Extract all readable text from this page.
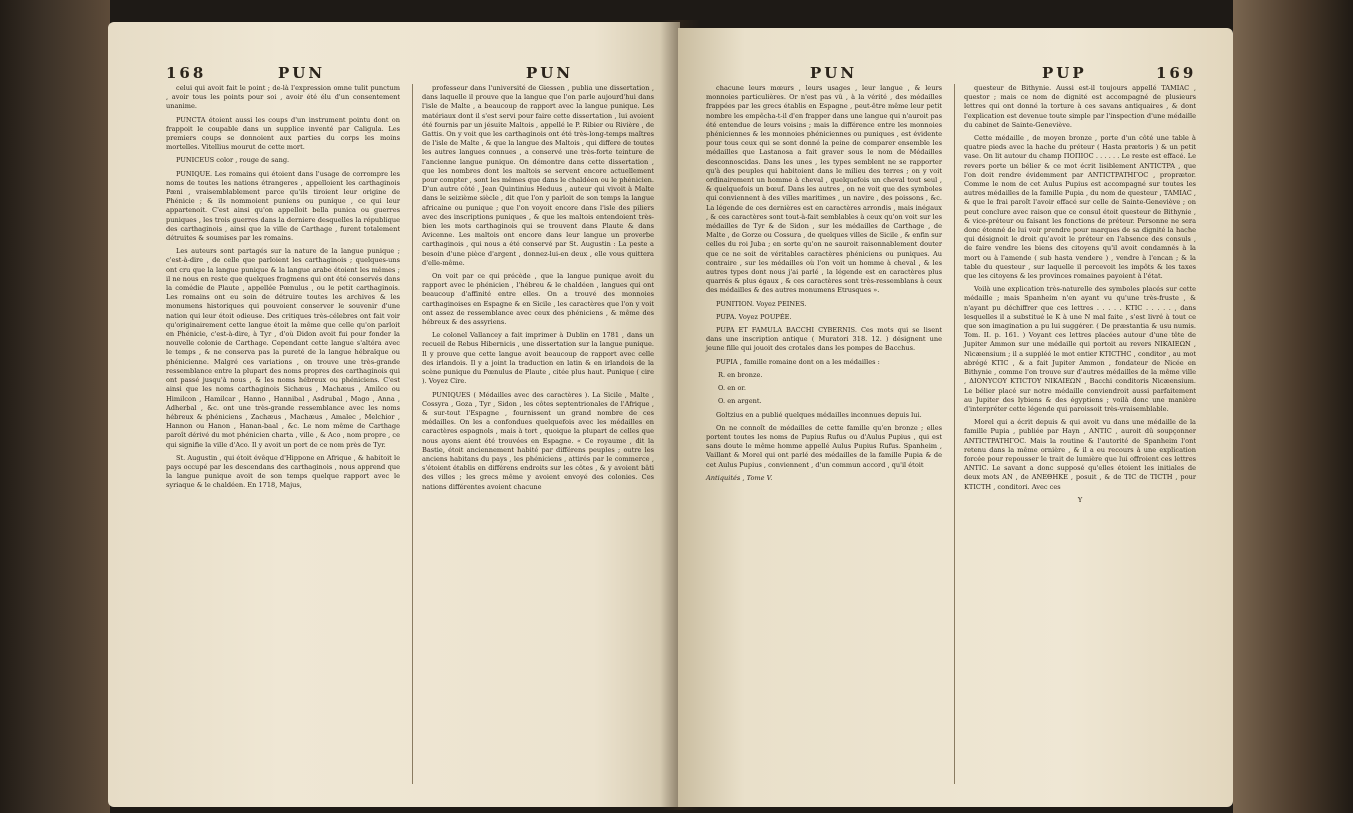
168	PUN	PUN

celui qui avoit fait le point ; de-là l'expression omne tulit punctum , avoir tous les points pour soi , avoir été élu d'un consentement unanime.

PUNCTA étoient aussi les coups d'un instrument pointu dont on frappoit le coupable dans un supplice inventé par Caligula. Les premiers coups se donnoient aux parties du corps les moins mortelles. Vitellius mourut de cette mort.

PUNICEUS color , rouge de sang.

PUNIQUE. Les romains qui étoient dans l'usage de corrompre les noms de toutes les nations étrangeres , appelloient les carthaginois Pæni , vraisemblablement parce qu'ils tiroient leur origine de Phénicie ; & ils nommoient puniens ou punique , ce qui leur appartenoit. C'est ainsi qu'on appelloit bella punica ou guerres puniques , les trois guerres dans la derniere desquelles la république des carthaginois , ainsi que la ville de Carthage , furent totalement détruites & soumises par les romains.

Les auteurs sont partagés sur la nature de la langue punique ; c'est-à-dire , de celle que parloient les carthaginois ; quelques-uns ont cru que la langue punique & la langue arabe étoient les mêmes ; il ne nous en reste que quelques fragmens qui ont été conservés dans la comédie de Plaute , appellée Pœnulus , ou le petit carthaginois. Les romains ont eu soin de détruire toutes les archives & les monumens historiques qui pouvoient conserver le souvenir d'une nation qui leur étoit odieuse. Des critiques très-célebres ont fait voir qu'originairement cette langue étoit la même que celle qu'on parloit en Phénicie, c'est-à-dire, à Tyr , d'où Didon avoit fui pour fonder la nouvelle colonie de Carthage. Cependant cette langue s'altéra avec le temps , & ne conserva pas la pureté de la langue hébraïque ou phénicienne. Malgré ces variations , on trouve une très-grande ressemblance entre la plupart des noms propres des carthaginois qui ont passé jusqu'à nous , & les noms hébreux ou phéniciens. C'est ainsi que les noms carthaginois Sichæus , Machæus , Amilco ou Himilcon , Hamilcar , Hanno , Hannibal , Asdrubal , Mago , Anna , Adherbal , &c. ont une très-grande ressemblance avec les noms hébreux & phéniciens , Zachæus , Machæus , Amalec , Melchior , Hannon ou Hanon , Hanan-baal , &c. Le nom même de Carthage paroît dérivé du mot phénicien charta , ville , & Aco , nom propre , ce qui signifie la ville d'Aco. Il y avoit un port de ce nom près de Tyr.

St. Augustin , qui étoit évêque d'Hippone en Afrique , & habitoit le pays occupé par les descendans des carthaginois , nous apprend que la langue punique avoit de son temps quelque rapport avec le syriaque & le chaldéen. En 1718, Majus,

professeur dans l'université de Giessen , publia une dissertation , dans laquelle il prouve que la langue que l'on parle aujourd'hui dans l'isle de Malte , a beaucoup de rapport avec la langue punique. Les matériaux dont il s'est servi pour faire cette dissertation , lui avoient été fournis par un jésuite Maltois , appellé le P. Ribier ou Rivière , de Gattis. On y voit que les carthaginois ont été très-long-temps maîtres de l'isle de Malte , & que la langue des Maltois , qui differe de toutes les autres langues connues , a conservé une très-forte teinture de l'ancienne langue punique. On démontre dans cette dissertation , que les nombres dont les maltois se servent encore actuellement pour compter , sont les mêmes que dans le chaldéen ou le phénicien. D'un autre côté , Jean Quintinius Heduus , auteur qui vivoit à Malte dans le seizième siècle , dit que l'on y parloit de son temps la langue africaine ou punique ; que l'on voyoit encore dans l'isle des piliers avec des inscriptions puniques , & que les maltois entendoient très-bien les mots carthaginois qui se trouvent dans Plaute & dans Avicenne. Les maltois ont encore dans leur langue un proverbe carthaginois , qui nous a été conservé par St. Augustin : La peste a besoin d'une pièce d'argent , donnez-lui-en deux , elle vous quittera d'elle-même.

On voit par ce qui précède , que la langue punique avoit du rapport avec le phénicien , l'hébreu & le chaldéen , langues qui ont beaucoup d'affinité entre elles. On a trouvé des monnoies carthaginoises en Espagne & en Sicile , les caractères que l'on y voit ont assez de ressemblance avec ceux des phéniciens , & même des hébreux & des assyriens.

Le colonel Vallancey a fait imprimer à Dublin en 1781 , dans un recueil de Rebus Hibernicis , une dissertation sur la langue punique. Il y prouve que cette langue avoit beaucoup de rapport avec celle des irlandois. Il y a joint la traduction en latin & en irlandois de la scène punique du Pœnulus de Plaute , citée plus haut. Punique ( cire ). Voyez Cire.

PUNIQUES ( Médailles avec des caractères ). La Sicile , Malte , Cossyra , Goza , Tyr , Sidon , les côtes septentrionales de l'Afrique , & sur-tout l'Espagne , fournissent un grand nombre de ces médailles. On les a confondues quelquefois avec les médailles en caractères espagnols , mais à tort , quoique la plupart de celles que nous ayons aient été trouvées en Espagne. « Ce royaume , dit la Bastie, étoit anciennement habité par différens peuples ; outre les anciens habitans du pays , les phéniciens , attirés par le commerce , s'étoient établis en différens endroits sur les côtes , & y avoient bâti des villes ; les grecs même y avoient envoyé des colonies. Ces nations différentes avoient chacune

PUN	PUP	169

chacune leurs mœurs , leurs usages , leur langue , & leurs monnoies particulières. Or n'est pas vû , à la vérité , des médailles frappées par les grecs établis en Espagne , peut-être même leur petit nombre les empêcha-t-il d'en frapper dans une langue qui n'auroit pas été entendue de leurs voisins ; mais la différence entre les monnoies phéniciennes & les monnoies phéniciennes ou puniques , est évidente pour tous ceux qui se sont donné la peine de comparer ensemble les médailles que Lastanosa a fait graver sous le nom de Médailles desconnoscidas. Dans les unes , les types semblent ne se rapporter qu'à des peuples qui habitoient dans le milieu des terres ; on y voit ordinairement un homme à cheval , quelquefois un cheval tout seul , & quelquefois un bœuf. Dans les autres , on ne voit que des symboles qui conviennent à des villes maritimes , un navire , des poissons , &c. La légende de ces dernières est en caractères arrondis , mais inégaux , & ces caractères sont tout-à-fait semblables à ceux qu'on voit sur les médailles de Tyr & de Sidon , sur les médailles de Carthage , de Malte , de Gorze ou Cossura , de quelques villes de Sicile , & enfin sur celles du roi Juba ; en sorte qu'on ne sauroit raisonnablement douter que ce ne soit de véritables caractères phéniciens ou puniques. Au contraire , sur les médailles où l'on voit un homme à cheval , & les autres types dont nous j'ai parlé , la légende est en caractères plus quarrés & plus égaux , & ces caractères sont très-ressemblans à ceux des médailles & des autres monumens Etrusques ».

PUNITION. Voyez PEINES.

PUPA. Voyez POUPÉE.

PUPA ET FAMULA BACCHI CYBERNIS. Ces mots qui se lisent dans une inscription antique ( Muratori 318. 12. ) désignent une jeune fille qui jouoit des crotales dans les pompes de Bacchus.

PUPIA , famille romaine dont on a les médailles :

R. en bronze.

O. en or.

O. en argent.

Goltzius en a publié quelques médailles inconnues depuis lui.

On ne connoît de médailles de cette famille qu'en bronze ; elles portent toutes les noms de Pupius Rufus ou d'Aulus Pupius , qui est sans doute le même homme appellé Aulus Pupius Rufus. Spanheim , Vaillant & Morel qui ont parlé des médailles de la famille Pupia & de cet Aulus Pupius , conviennent , d'un commun accord , qu'il étoit

Antiquités , Tome V.

questeur de Bithynie. Aussi est-il toujours appellé TAMIAC , questor ; mais ce nom de dignité est accompagné de plusieurs lettres qui ont donné la torture à ces savans antiquaires , & dont l'explication est devenue toute simple par l'inspection d'une médaille du cabinet de Sainte-Geneviève.

Cette médaille , de moyen bronze , porte d'un côté une table à quatre pieds avec la hache du préteur ( Hasta prætoris ) & un petit vase. On lit autour du champ ΠΟΠΙΟC . . . . . . Le reste est effacé. Le revers porte un bélier & ce mot écrit lisiblement ANTICTPA , que l'on doit rendre évidemment par ANTICTPATHΓOC , proprætor. Comme le nom de cet Aulus Pupius est accompagné sur toutes les autres médailles de la famille Pupia , du nom de questeur , TAMIAC , & que le frai paroît l'avoir effacé sur celle de Sainte-Geneviève ; on peut conclure avec raison que ce consul étoit questeur de Bithynie , & vice-préteur ou faisant les fonctions de préteur. Personne ne sera donc étonné de lui voir prendre pour marques de sa dignité la hache qui désignoit le droit qu'avoit le préteur en l'absence des consuls , de faire vendre les biens des citoyens qu'il avoit condamnés à la mort ou à l'amende ( sub hasta vendere ) , vendre à l'encan ; & la table du questeur , sur laquelle il percevoit les impôts & les taxes que les citoyens & les provinces romaines payoient à l'état.

Voilà une explication très-naturelle des symboles placés sur cette médaille ; mais Spanheim n'en ayant vu qu'une très-fruste , & n'ayant pu déchiffrer que ces lettres . . . . . KTIC . . . . . , dans lesquelles il a substitué le K à une N mal faite , s'est livré à tout ce que son imagination a pu lui suggérer. ( De præstantia & usu numis. Tom. II. p. 161. ) Voyant ces lettres placées autour d'une tête de Jupiter Ammon sur une médaille qui portoit au revers NIKAIEΩN , Nicæensium ; il a suppléé le mot entier ΚΤΙCΤΗC , conditor , au mot abrégé KTIC , & a fait Jupiter Ammon , fondateur de Nicée en Bithynie , comme l'on trouve sur d'autres médailles de la même ville , ΔΙΟΝΥCΟΥ ΚΤΙCΤΟΥ ΝΙΚΑΙΕΩΝ , Bacchi conditoris Nicæensium. Le bélier placé sur notre médaille conviendroit aussi parfaitement au Jupiter des lybiens & des égyptiens ; voilà donc une manière d'interpréter cette légende qui paroissoit très-vraisemblable.

Morel qui a écrit depuis & qui avoit vu dans une médaille de la famille Pupia , publiée par Hayn , ANTIC , auroit dû soupçonner ANTICTPATHΓOC. Mais la routine & l'autorité de Spanheim l'ont retenu dans la même ornière , & il a eu recours à une explication forcée pour repousser le trait de lumière que lui offroient ces lettres ANTIC. Le savant a donc supposé qu'elles étoient les initiales de deux mots AN , de ANEΘHKE , posuit , & de TIC de TICTH , pour KTICTH , conditori. Avec ces

Y
